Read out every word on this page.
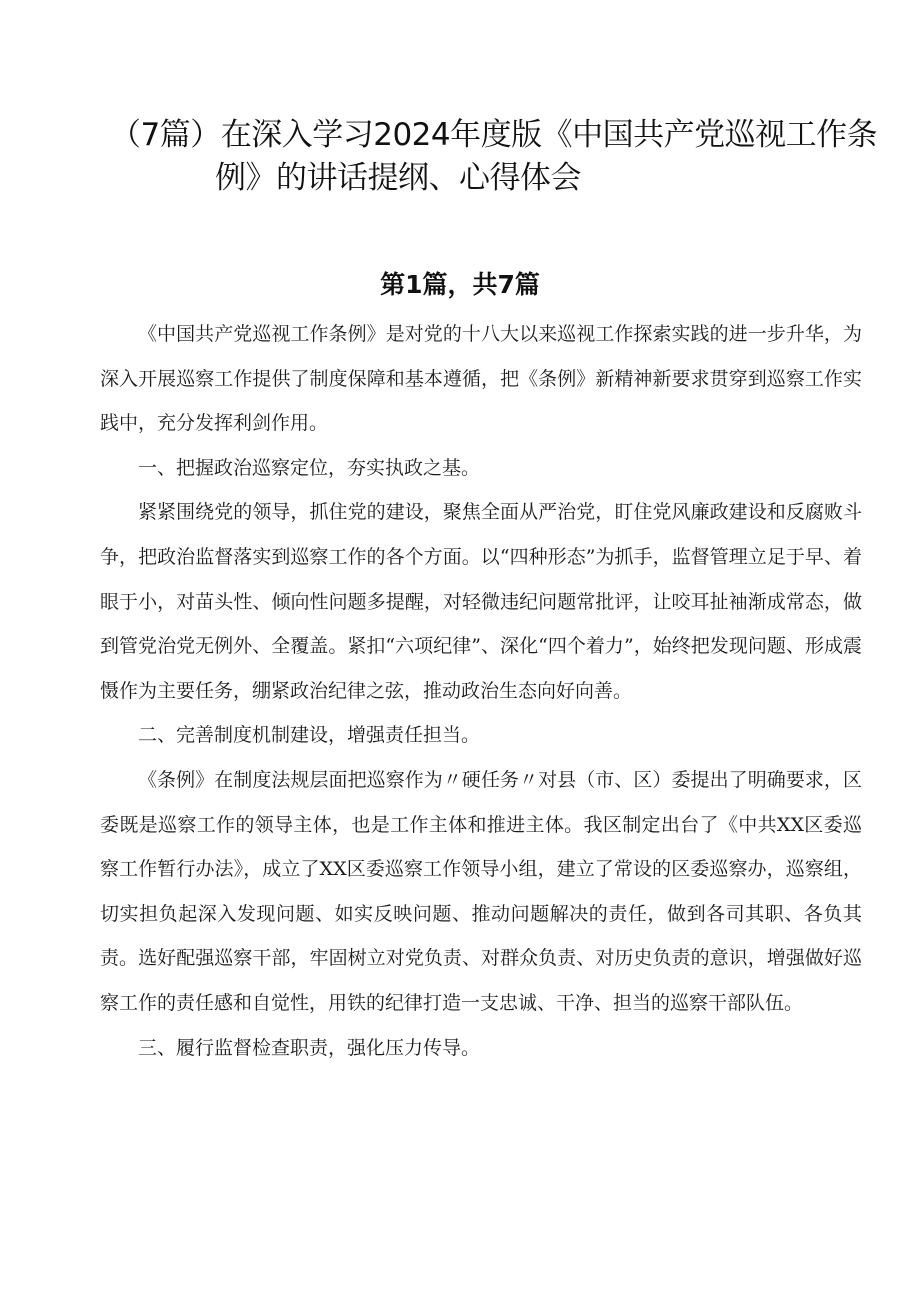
（7篇）在深入学习2024年度版《中国共产党巡视工作条
例》的讲话提纲、心得体会
第1篇，共7篇

《中国共产党巡视工作条例》是对党的十八大以来巡视工作探索实践的进一步升华，为深入开展巡察工作提供了制度保障和基本遵循，把《条例》新精神新要求贯穿到巡察工作实践中，充分发挥利剑作用。

一、把握政治巡察定位，夯实执政之基。

紧紧围绕党的领导，抓住党的建设，聚焦全面从严治党，盯住党风廉政建设和反腐败斗争，把政治监督落实到巡察工作的各个方面。以“四种形态”为抓手，监督管理立足于早、着眼于小，对苗头性、倾向性问题多提醒，对轻微违纪问题常批评，让咬耳扯袖渐成常态，做到管党治党无例外、全覆盖。紧扣“六项纪律”、深化“四个着力”，始终把发现问题、形成震慑作为主要任务，绷紧政治纪律之弦，推动政治生态向好向善。

二、完善制度机制建设，增强责任担当。

《条例》在制度法规层面把巡察作为〃硬任务〃对县（市、区）委提出了明确要求，区委既是巡察工作的领导主体，也是工作主体和推进主体。我区制定出台了《中共XX区委巡察工作暂行办法》，成立了XX区委巡察工作领导小组，建立了常设的区委巡察办，巡察组，切实担负起深入发现问题、如实反映问题、推动问题解决的责任，做到各司其职、各负其责。选好配强巡察干部，牢固树立对党负责、对群众负责、对历史负责的意识，增强做好巡察工作的责任感和自觉性，用铁的纪律打造一支忠诚、干净、担当的巡察干部队伍。

三、履行监督检查职责，强化压力传导。
